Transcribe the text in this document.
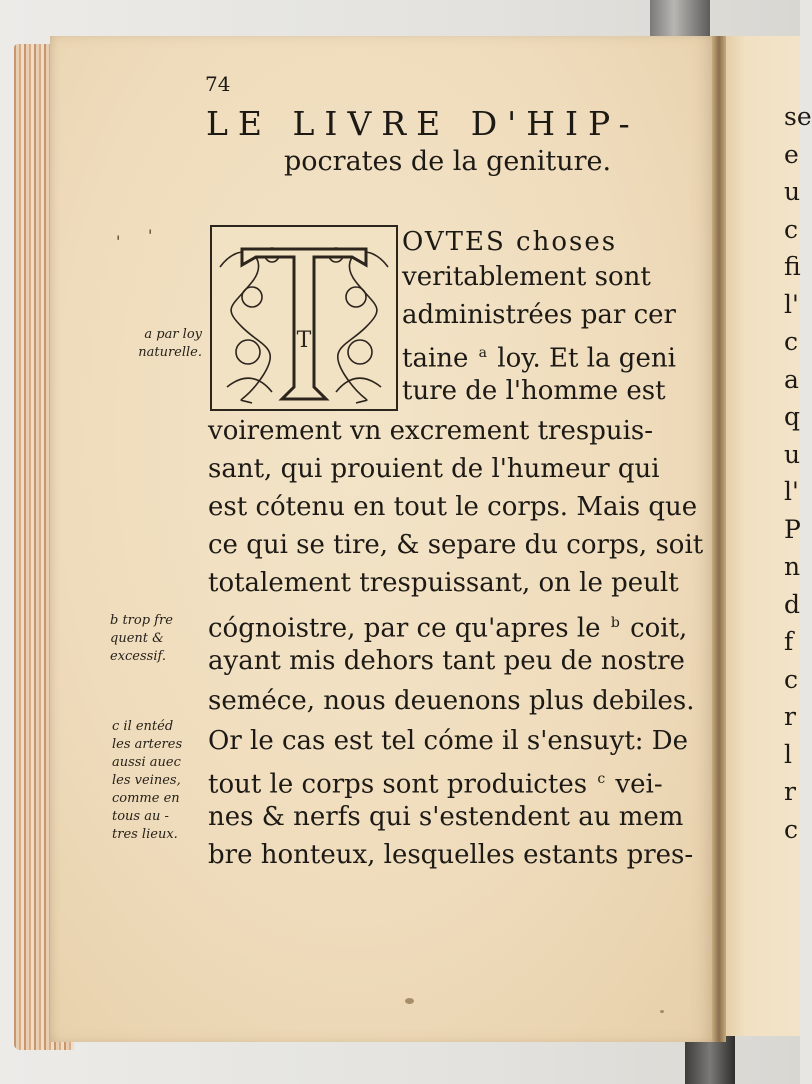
74
LE LIVRE D'HIP-
pocrates de la geniture.
T
OVTES choses
veritablement sont
administrées par cer
taine $^a$ loy. Et la geni
ture de l'homme est
voirement vn excrement trespuis-
sant, qui prouient de l'humeur qui
est cótenu en tout le corps. Mais que
ce qui se tire, & separe du corps, soit
totalement trespuissant, on le peult
cógnoistre, par ce qu'apres le $^b$ coit,
ayant mis dehors tant peu de nostre
seméce, nous deuenons plus debiles.
Or le cas est tel cóme il s'ensuyt: De
tout le corps sont produictes $^c$ vei-
nes & nerfs qui s'estendent au mem
bre honteux, lesquelles estants pres-
a par loy
naturelle.
b trop fre
quent &
excessif.
c il entéd
les arteres
aussi auec
les veines,
comme en
tous au -
tres lieux.
' '
se
e
u
c
fi
l'
c
a
q
u
l'
P
n
d
f
c
r
l
r
c
